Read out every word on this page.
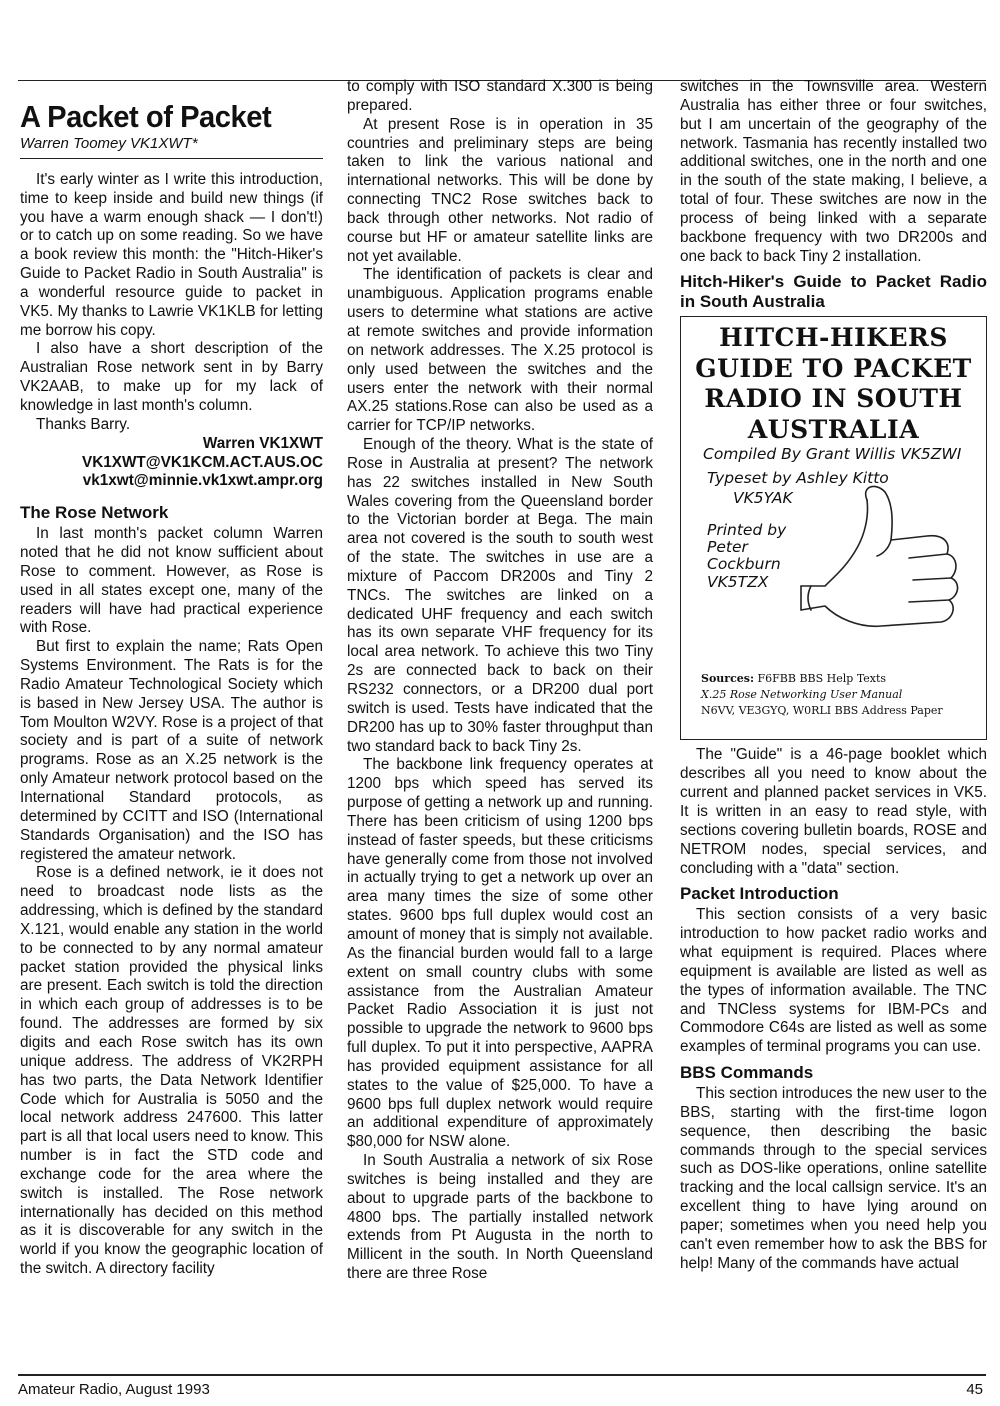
A Packet of Packet
Warren Toomey VK1XWT*

It's early winter as I write this introduction, time to keep inside and build new things (if you have a warm enough shack — I don't!) or to catch up on some reading. So we have a book review this month: the "Hitch-Hiker's Guide to Packet Radio in South Australia" is a wonderful resource guide to packet in VK5. My thanks to Lawrie VK1KLB for letting me borrow his copy.

I also have a short description of the Australian Rose network sent in by Barry VK2AAB, to make up for my lack of knowledge in last month's column.

Thanks Barry.

Warren VK1XWT

VK1XWT@VK1KCM.ACT.AUS.OC

vk1xwt@minnie.vk1xwt.ampr.org

The Rose Network

In last month's packet column Warren noted that he did not know sufficient about Rose to comment. However, as Rose is used in all states except one, many of the readers will have had practical experience with Rose.

But first to explain the name; Rats Open Systems Environment. The Rats is for the Radio Amateur Technological Society which is based in New Jersey USA. The author is Tom Moulton W2VY. Rose is a project of that society and is part of a suite of network programs. Rose as an X.25 network is the only Amateur network protocol based on the International Standard protocols, as determined by CCITT and ISO (International Standards Organisation) and the ISO has registered the amateur network.

Rose is a defined network, ie it does not need to broadcast node lists as the addressing, which is defined by the standard X.121, would enable any station in the world to be connected to by any normal amateur packet station provided the physical links are present. Each switch is told the direction in which each group of addresses is to be found. The addresses are formed by six digits and each Rose switch has its own unique address. The address of VK2RPH has two parts, the Data Network Identifier Code which for Australia is 5050 and the local network address 247600. This latter part is all that local users need to know. This number is in fact the STD code and exchange code for the area where the switch is installed. The Rose network internationally has decided on this method as it is discoverable for any switch in the world if you know the geographic location of the switch. A directory facility

to comply with ISO standard X.300 is being prepared.

At present Rose is in operation in 35 countries and preliminary steps are being taken to link the various national and international networks. This will be done by connecting TNC2 Rose switches back to back through other networks. Not radio of course but HF or amateur satellite links are not yet available.

The identification of packets is clear and unambiguous. Application programs enable users to determine what stations are active at remote switches and provide information on network addresses. The X.25 protocol is only used between the switches and the users enter the network with their normal AX.25 stations.Rose can also be used as a carrier for TCP/IP networks.

Enough of the theory. What is the state of Rose in Australia at present? The network has 22 switches installed in New South Wales covering from the Queensland border to the Victorian border at Bega. The main area not covered is the south to south west of the state. The switches in use are a mixture of Paccom DR200s and Tiny 2 TNCs. The switches are linked on a dedicated UHF frequency and each switch has its own separate VHF frequency for its local area network. To achieve this two Tiny 2s are connected back to back on their RS232 connectors, or a DR200 dual port switch is used. Tests have indicated that the DR200 has up to 30% faster throughput than two standard back to back Tiny 2s.

The backbone link frequency operates at 1200 bps which speed has served its purpose of getting a network up and running. There has been criticism of using 1200 bps instead of faster speeds, but these criticisms have generally come from those not involved in actually trying to get a network up over an area many times the size of some other states. 9600 bps full duplex would cost an amount of money that is simply not available. As the financial burden would fall to a large extent on small country clubs with some assistance from the Australian Amateur Packet Radio Association it is just not possible to upgrade the network to 9600 bps full duplex. To put it into perspective, AAPRA has provided equipment assistance for all states to the value of $25,000. To have a 9600 bps full duplex network would require an additional expenditure of approximately $80,000 for NSW alone.

In South Australia a network of six Rose switches is being installed and they are about to upgrade parts of the backbone to 4800 bps. The partially installed network extends from Pt Augusta in the north to Millicent in the south. In North Queensland there are three Rose

switches in the Townsville area. Western Australia has either three or four switches, but I am uncertain of the geography of the network. Tasmania has recently installed two additional switches, one in the north and one in the south of the state making, I believe, a total of four. These switches are now in the process of being linked with a separate backbone frequency with two DR200s and one back to back Tiny 2 installation.

Hitch-Hiker's Guide to Packet Radio in South Australia
HITCH-HIKERS
GUIDE TO PACKET
RADIO IN SOUTH
AUSTRALIA
Compiled By Grant Willis VK5ZWI
Typeset by Ashley Kitto
VK5YAK
Printed by
Peter
Cockburn
VK5TZX
Sources: F6FBB BBS Help Texts
X.25 Rose Networking User Manual
N6VV, VE3GYQ, W0RLI BBS Address Paper

The "Guide" is a 46-page booklet which describes all you need to know about the current and planned packet services in VK5. It is written in an easy to read style, with sections covering bulletin boards, ROSE and NETROM nodes, special services, and concluding with a "data" section.

Packet Introduction

This section consists of a very basic introduction to how packet radio works and what equipment is required. Places where equipment is available are listed as well as the types of information available. The TNC and TNCless systems for IBM-PCs and Commodore C64s are listed as well as some examples of terminal programs you can use.

BBS Commands

This section introduces the new user to the BBS, starting with the first-time logon sequence, then describing the basic commands through to the special services such as DOS-like operations, online satellite tracking and the local callsign service. It's an excellent thing to have lying around on paper; sometimes when you need help you can't even remember how to ask the BBS for help! Many of the commands have actual

Amateur Radio, August 1993	45
